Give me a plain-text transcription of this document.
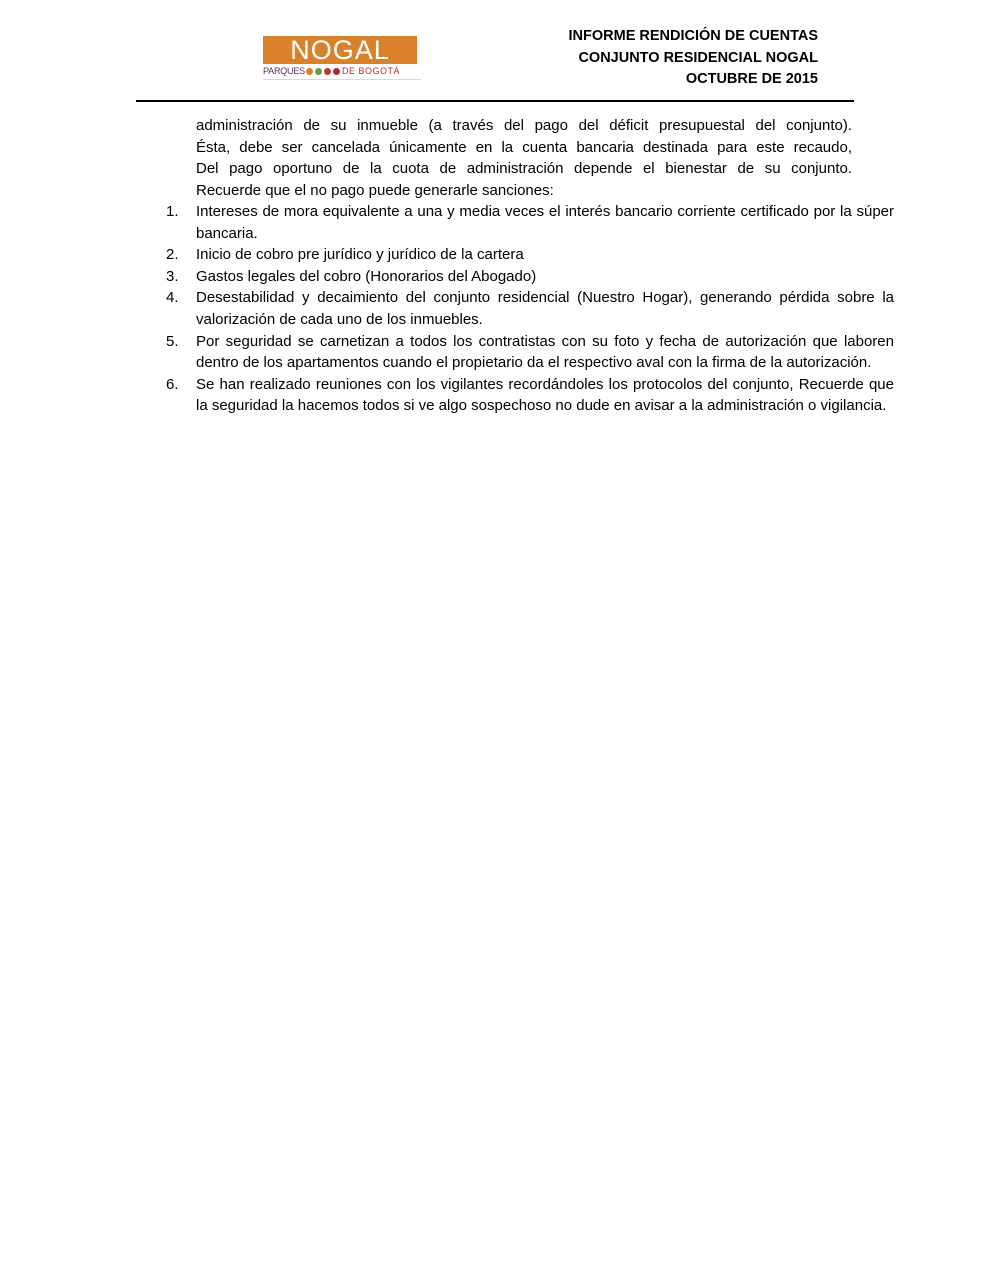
NOGAL
PARQUES	DE BOGOTÁ
INFORME RENDICIÓN DE CUENTAS
CONJUNTO RESIDENCIAL NOGAL
OCTUBRE DE 2015
administración de su inmueble (a través del pago del déficit presupuestal del conjunto).
Ésta, debe ser cancelada únicamente en la cuenta bancaria destinada para este recaudo,
Del pago oportuno de la cuota de administración depende el bienestar de su conjunto.
Recuerde que el no pago puede generarle sanciones:
1. Intereses de mora equivalente a una y media veces el interés bancario corriente certificado por la súper bancaria.
2. Inicio de cobro pre jurídico y jurídico de la cartera
3. Gastos legales del cobro (Honorarios del Abogado)
4. Desestabilidad y decaimiento del conjunto residencial (Nuestro Hogar), generando pérdida sobre la valorización de cada uno de los inmuebles.
5. Por seguridad se carnetizan a todos los contratistas con su foto y fecha de autorización que laboren dentro de los apartamentos cuando el propietario da el respectivo aval con la firma de la autorización.
6. Se han realizado reuniones con los vigilantes recordándoles los protocolos del conjunto, Recuerde que la seguridad la hacemos todos si ve algo sospechoso no dude en avisar a la administración o vigilancia.
